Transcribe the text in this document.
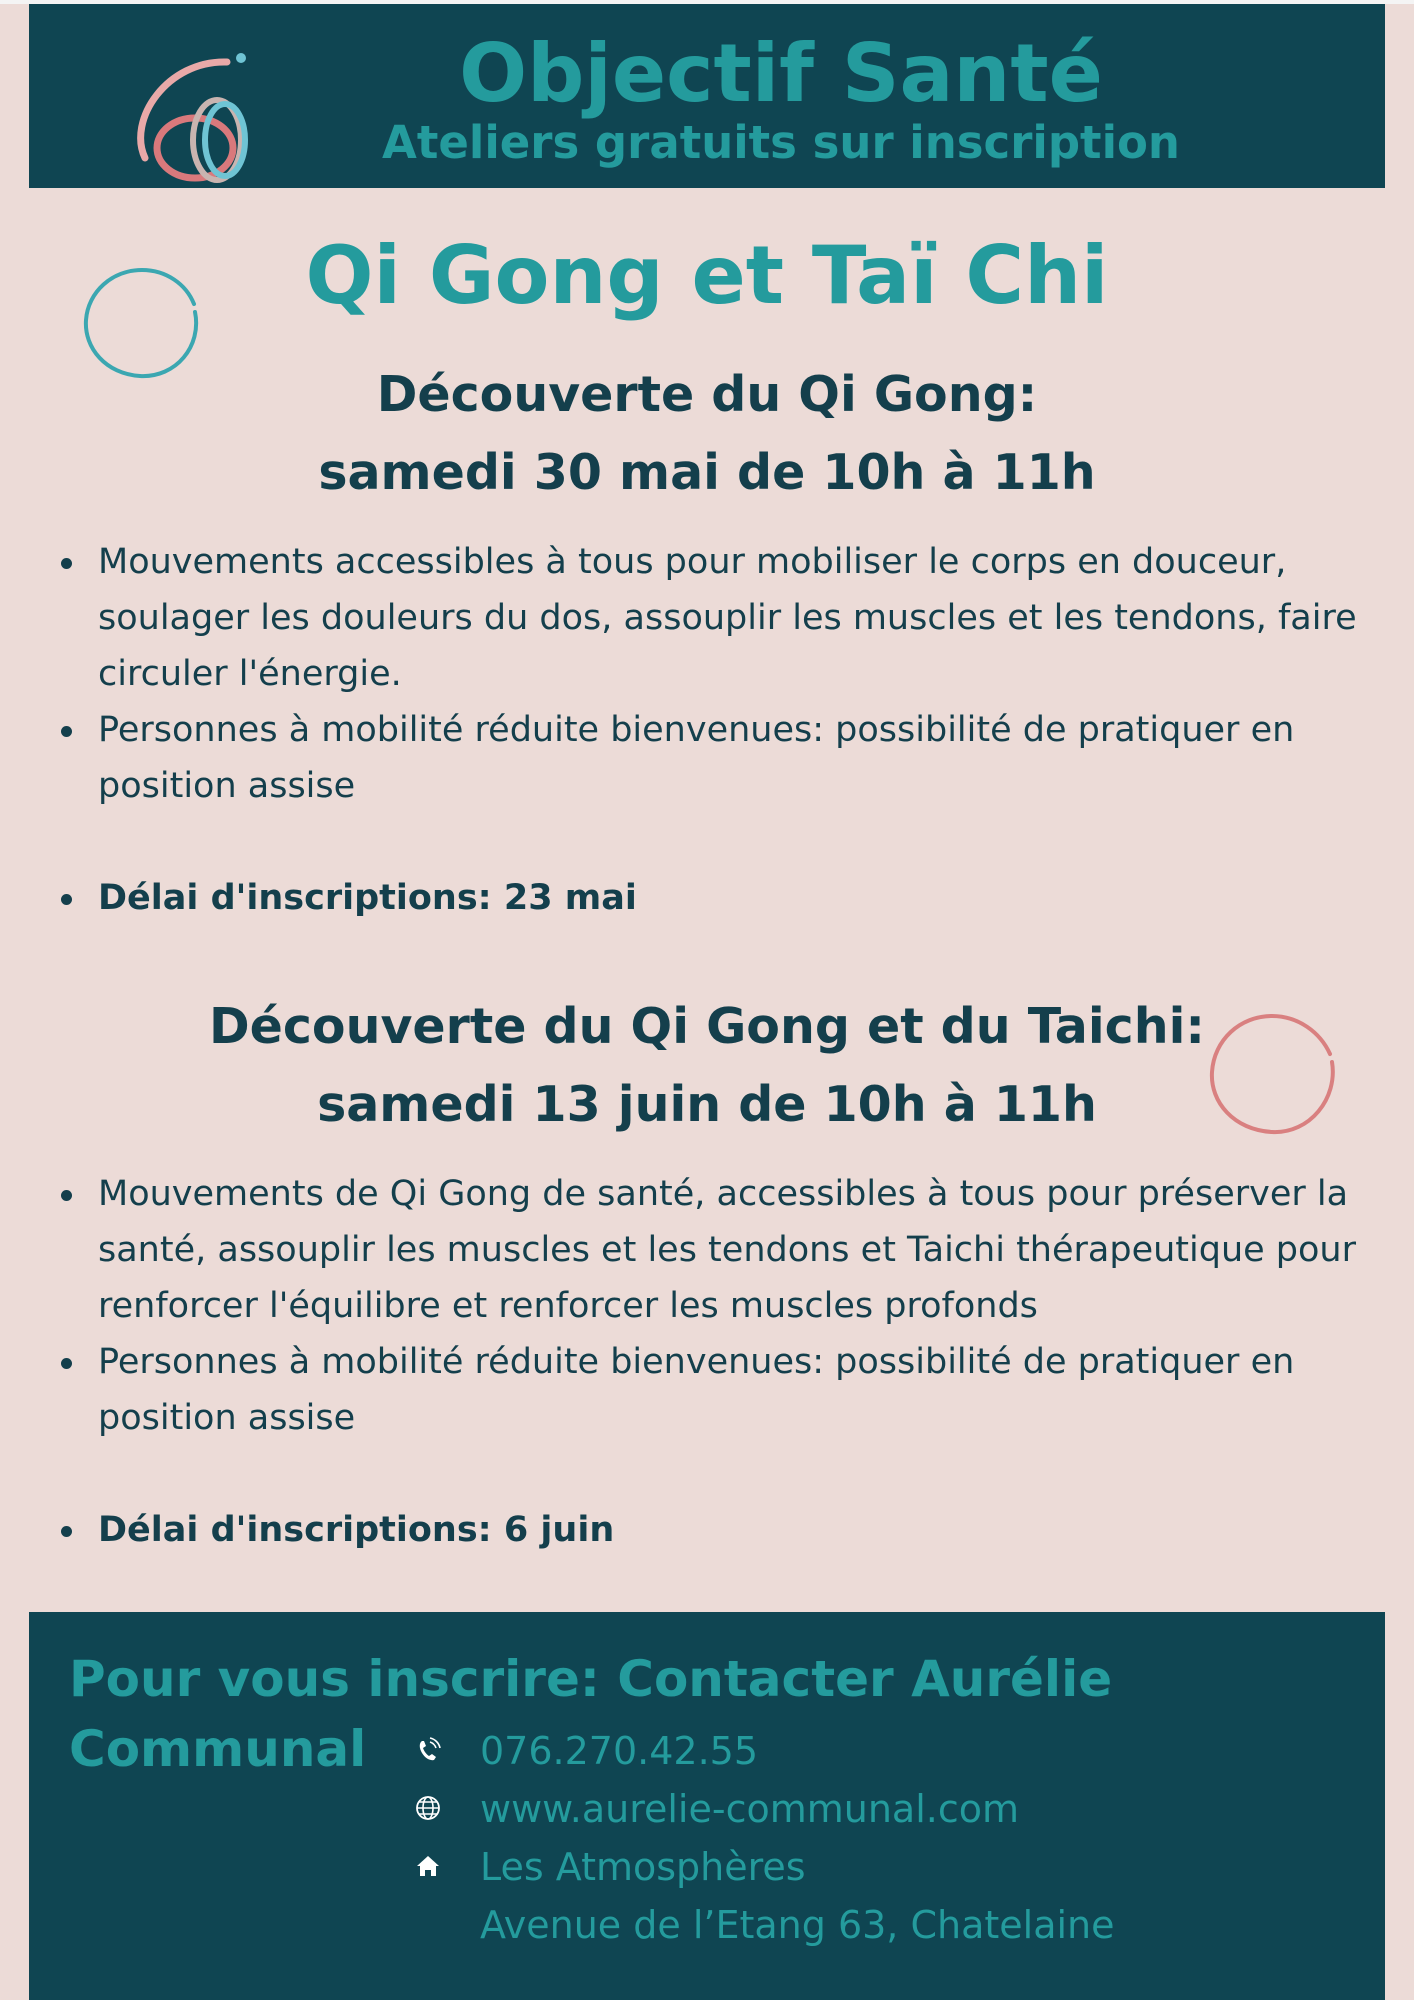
Objectif Santé
Ateliers gratuits sur inscription
Qi Gong et Taï Chi
Découverte du Qi Gong:
samedi 30 mai de 10h à 11h
Mouvements accessibles à tous pour mobiliser le corps en douceur, soulager les douleurs du dos, assouplir les muscles et les tendons, faire circuler l'énergie.
Personnes à mobilité réduite bienvenues: possibilité de pratiquer en position assise
Délai d'inscriptions: 23 mai
Découverte du Qi Gong et du Taichi:
samedi 13 juin de 10h à 11h
Mouvements de Qi Gong de santé, accessibles à tous pour préserver la santé, assouplir les muscles et les tendons et Taichi thérapeutique pour renforcer l'équilibre et renforcer les muscles profonds
Personnes à mobilité réduite bienvenues: possibilité de pratiquer en position assise
Délai d'inscriptions: 6 juin
Pour vous inscrire: Contacter Aurélie Communal	076.270.42.55
www.aurelie-communal.com
Les Atmosphères
Avenue de l’Etang 63, Chatelaine
